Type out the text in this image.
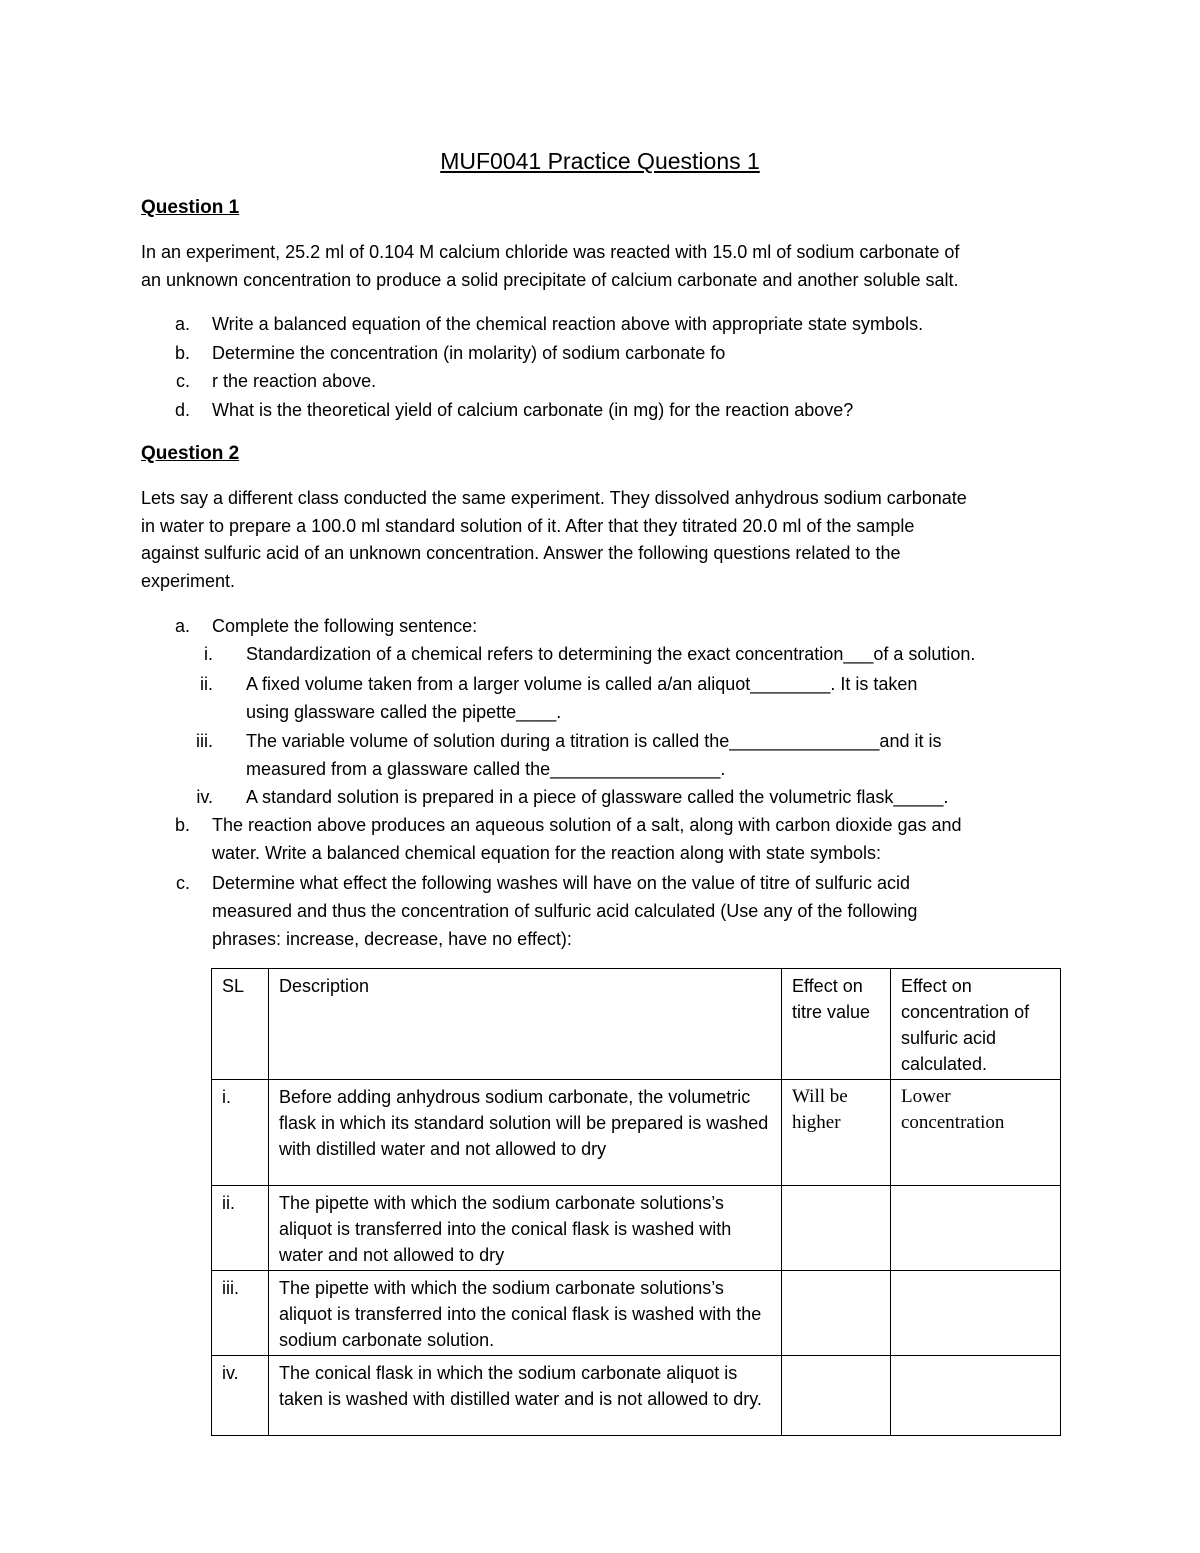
MUF0041 Practice Questions 1
Question 1
In an experiment, 25.2 ml of 0.104 M calcium chloride was reacted with 15.0 ml of sodium carbonate of
an unknown concentration to produce a solid precipitate of calcium carbonate and another soluble salt.
a. Write a balanced equation of the chemical reaction above with appropriate state symbols.
b. Determine the concentration (in molarity) of sodium carbonate fo
c. r the reaction above.
d. What is the theoretical yield of calcium carbonate (in mg) for the reaction above?
Question 2
Lets say a different class conducted the same experiment. They dissolved anhydrous sodium carbonate
in water to prepare a 100.0 ml standard solution of it. After that they titrated 20.0 ml of the sample
against sulfuric acid of an unknown concentration. Answer the following questions related to the
experiment.
a. Complete the following sentence:
i. Standardization of a chemical refers to determining the exact concentration___of a solution.
ii. A fixed volume taken from a larger volume is called a/an aliquot________. It is taken
using glassware called the pipette____.
iii. The variable volume of solution during a titration is called the_______________and it is
measured from a glassware called the_________________.
iv. A standard solution is prepared in a piece of glassware called the volumetric flask_____.
b. The reaction above produces an aqueous solution of a salt, along with carbon dioxide gas and
water. Write a balanced chemical equation for the reaction along with state symbols:
c. Determine what effect the following washes will have on the value of titre of sulfuric acid
measured and thus the concentration of sulfuric acid calculated (Use any of the following
phrases: increase, decrease, have no effect):
SL	Description	Effect on titre value	Effect on concentration of sulfuric acid calculated.
i.	Before adding anhydrous sodium carbonate, the volumetric flask in which its standard solution will be prepared is washed with distilled water and not allowed to dry	Will be higher	Lower concentration
ii.	The pipette with which the sodium carbonate solutions’s aliquot is transferred into the conical flask is washed with water and not allowed to dry		
iii.	The pipette with which the sodium carbonate solutions’s aliquot is transferred into the conical flask is washed with the sodium carbonate solution.		
iv.	The conical flask in which the sodium carbonate aliquot is taken is washed with distilled water and is not allowed to dry.		
